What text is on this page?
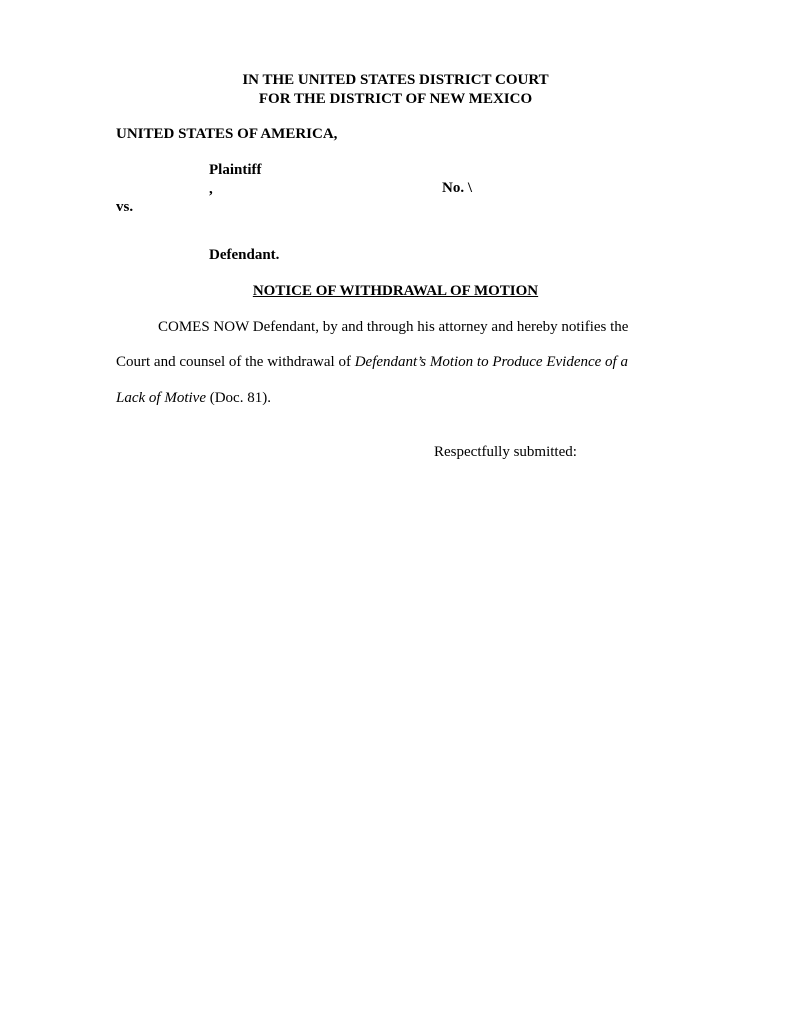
IN THE UNITED STATES DISTRICT COURT
FOR THE DISTRICT OF NEW MEXICO
UNITED STATES OF AMERICA,
Plaintiff
,	No. \
vs.
Defendant.
NOTICE OF WITHDRAWAL OF MOTION
COMES NOW Defendant, by and through his attorney and hereby notifies the
Court and counsel of the withdrawal of Defendant’s Motion to Produce Evidence of a
Lack of Motive (Doc. 81).
Respectfully submitted:
